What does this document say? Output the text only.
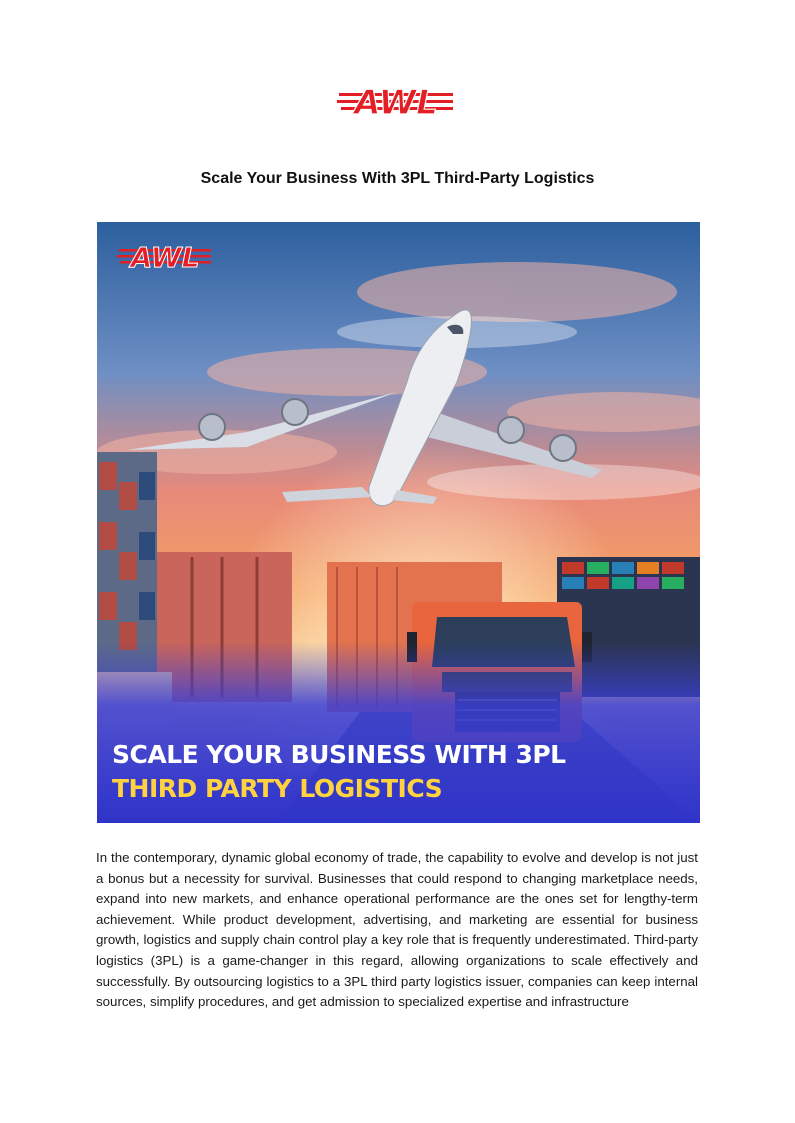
AWL
Scale Your Business With 3PL Third-Party Logistics
AWL
SCALE YOUR BUSINESS WITH 3PL
THIRD PARTY LOGISTICS

In the contemporary, dynamic global economy of trade, the capability to evolve and develop is not just a bonus but a necessity for survival. Businesses that could respond to changing marketplace needs, expand into new markets, and enhance operational performance are the ones set for lengthy-term achievement. While product development, advertising, and marketing are essential for business growth, logistics and supply chain control play a key role that is frequently underestimated. Third-party logistics (3PL) is a game-changer in this regard, allowing organizations to scale effectively and successfully. By outsourcing logistics to a 3PL third party logistics issuer, companies can keep internal sources, simplify procedures, and get admission to specialized expertise and infrastructure
